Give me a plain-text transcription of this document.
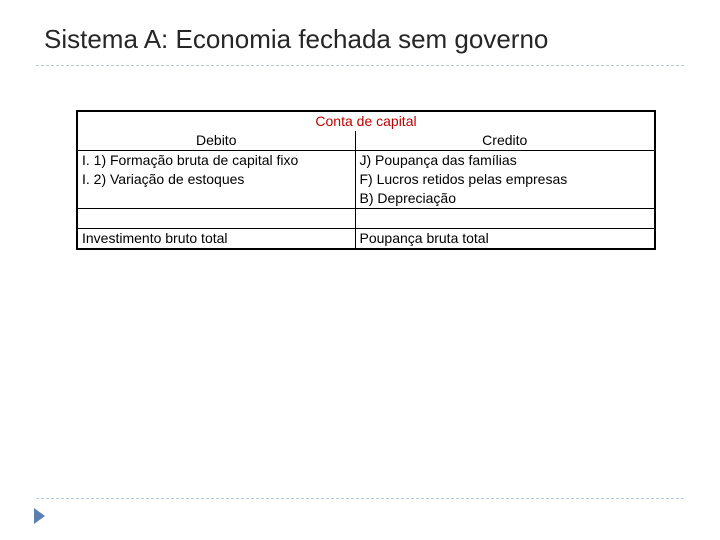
Sistema A: Economia fechada sem governo
Conta de capital	
Debito	Credito
I. 1) Formação bruta de capital fixo	J) Poupança das famílias
I. 2) Variação de estoques	F) Lucros retidos pelas empresas
	B) Depreciação

Investimento bruto total	Poupança bruta total
